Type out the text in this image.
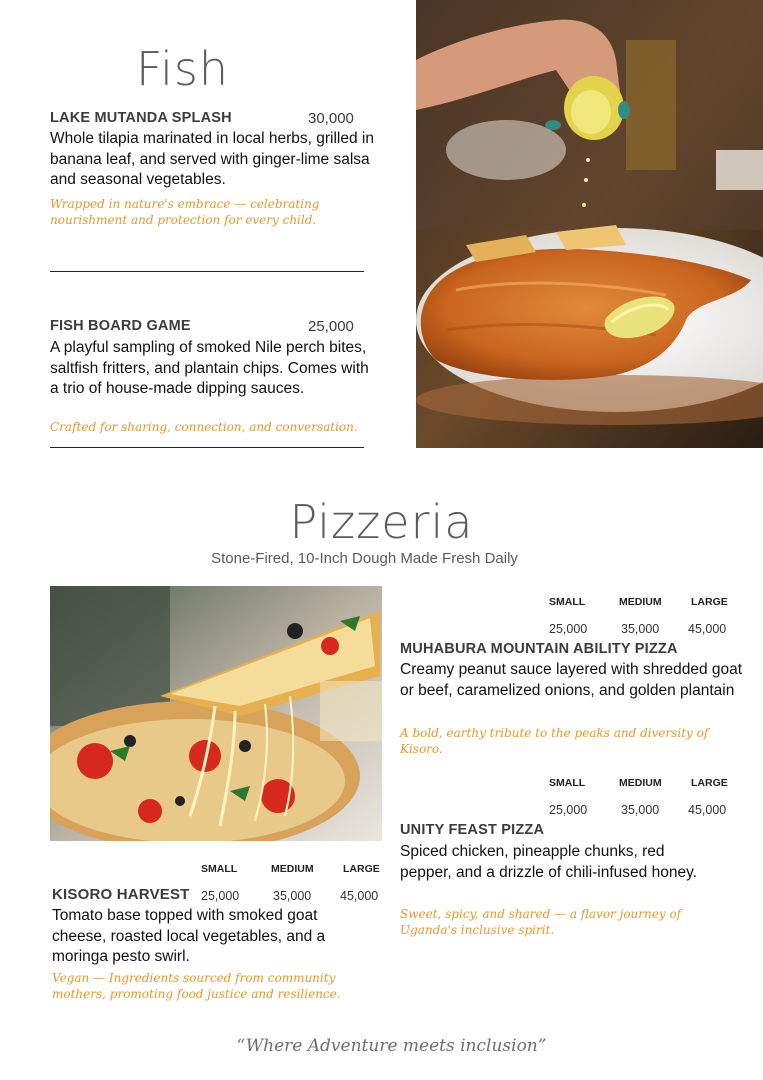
Fish
LAKE MUTANDA SPLASH	30,000
Whole tilapia marinated in local herbs, grilled in banana leaf, and served with ginger-lime salsa and seasonal vegetables.
Wrapped in nature's embrace — celebrating nourishment and protection for every child.
FISH BOARD GAME	25,000
A playful sampling of smoked Nile perch bites, saltfish fritters, and plantain chips. Comes with a trio of house-made dipping sauces.
Crafted for sharing, connection, and conversation.
Pizzeria
Stone-Fired, 10-Inch Dough Made Fresh Daily
SMALL	MEDIUM	LARGE
25,000	35,000 45,000
MUHABURA MOUNTAIN ABILITY PIZZA
Creamy peanut sauce layered with shredded goat or beef, caramelized onions, and golden plantain
A bold, earthy tribute to the peaks and diversity of Kisoro.
SMALL	MEDIUM	LARGE
25,000	35,000 45,000
UNITY FEAST PIZZA
Spiced chicken, pineapple chunks, red pepper, and a drizzle of chili-infused honey.
Sweet, spicy, and shared — a flavor journey of Uganda's inclusive spirit.
SMALL	MEDIUM	LARGE
KISORO HARVEST 25,000	35,000 45,000
Tomato base topped with smoked goat cheese, roasted local vegetables, and a moringa pesto swirl.
Vegan — Ingredients sourced from community mothers, promoting food justice and resilience.
“Where Adventure meets inclusion”
